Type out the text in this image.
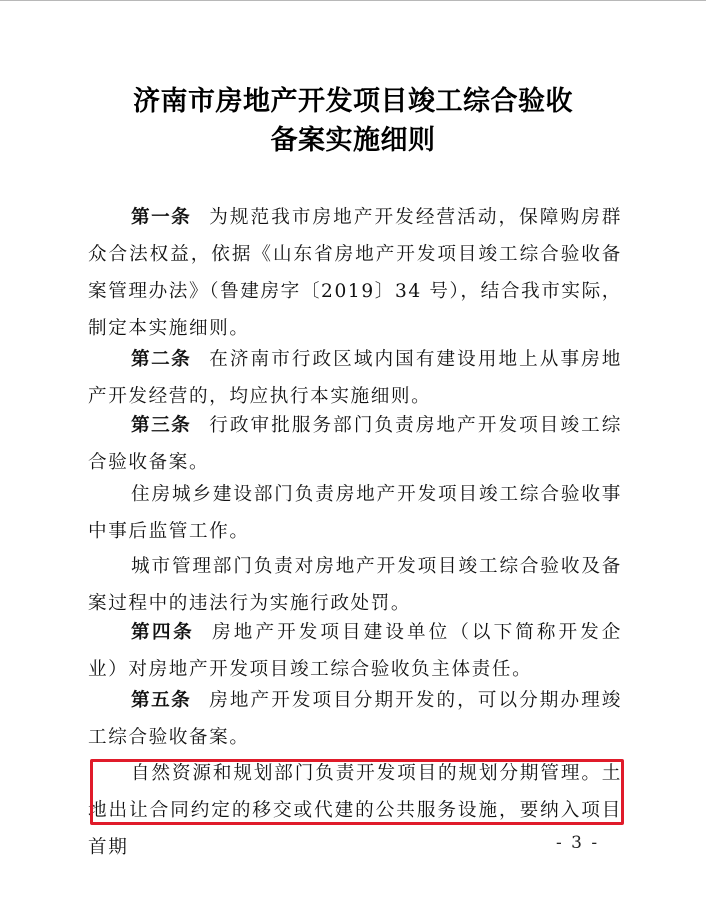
济南市房地产开发项目竣工综合验收
备案实施细则

第一条 为规范我市房地产开发经营活动，保障购房群众合法权益，依据《山东省房地产开发项目竣工综合验收备案管理办法》（鲁建房字〔2019〕34 号），结合我市实际，制定本实施细则。

第二条 在济南市行政区域内国有建设用地上从事房地产开发经营的，均应执行本实施细则。

第三条 行政审批服务部门负责房地产开发项目竣工综合验收备案。

住房城乡建设部门负责房地产开发项目竣工综合验收事中事后监管工作。

城市管理部门负责对房地产开发项目竣工综合验收及备案过程中的违法行为实施行政处罚。

第四条 房地产开发项目建设单位（以下简称开发企业）对房地产开发项目竣工综合验收负主体责任。

第五条 房地产开发项目分期开发的，可以分期办理竣工综合验收备案。

自然资源和规划部门负责开发项目的规划分期管理。土地出让合同约定的移交或代建的公共服务设施，要纳入项目首期	- 3 -
